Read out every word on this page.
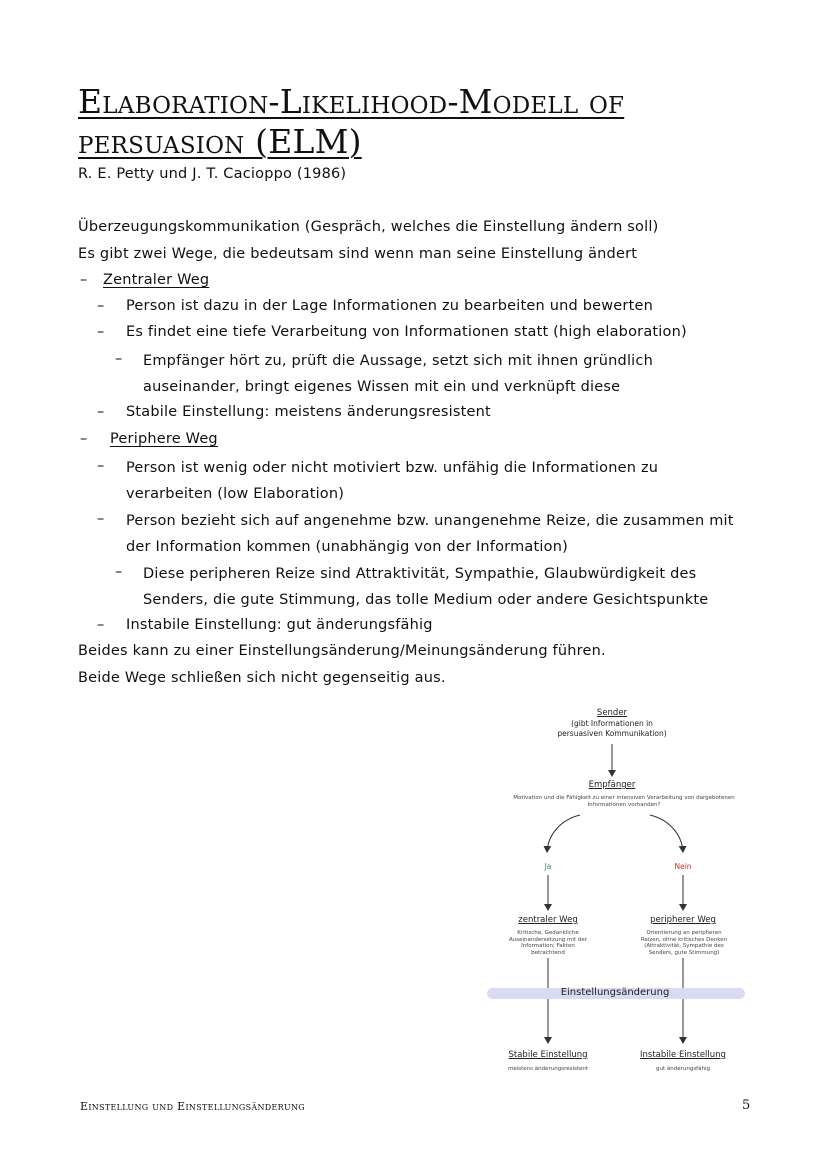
Elaboration-Likelihood-Modell of persuasion (ELM)
R. E. Petty und J. T. Cacioppo (1986)
Überzeugungskommunikation (Gespräch, welches die Einstellung ändern soll)
Es gibt zwei Wege, die bedeutsam sind wenn man seine Einstellung ändert
– Zentraler Weg
– Person ist dazu in der Lage Informationen zu bearbeiten und bewerten
– Es findet eine tiefe Verarbeitung von Informationen statt (high elaboration)
– Empfänger hört zu, prüft die Aussage, setzt sich mit ihnen gründlich auseinander, bringt eigenes Wissen mit ein und verknüpft diese
– Stabile Einstellung: meistens änderungsresistent
– Periphere Weg
– Person ist wenig oder nicht motiviert bzw. unfähig die Informationen zu verarbeiten (low Elaboration)
– Person bezieht sich auf angenehme bzw. unangenehme Reize, die zusammen mit der Information kommen (unabhängig von der Information)
– Diese peripheren Reize sind Attraktivität, Sympathie, Glaubwürdigkeit des Senders, die gute Stimmung, das tolle Medium oder andere Gesichtspunkte
– Instabile Einstellung: gut änderungsfähig
Beides kann zu einer Einstellungsänderung/Meinungsänderung führen.
Beide Wege schließen sich nicht gegenseitig aus.
Sender
(gibt Informationen in persuasiven Kommunikation)
Empfänger
Motivation und die Fähigkeit zu einer intensiven Verarbeitung von dargebotenen Informationen vorhanden?
Ja	Nein
zentraler Weg
Kritische, Gedankliche Auseinandersetzung mit der Information; Fakten betrachtend
peripherer Weg
Orientierung an peripheren Reizen, ohne kritisches Denken (Attraktivität, Sympathie des Senders, gute Stimmung)
Einstellungsänderung
Stabile Einstellung
meistens änderungsresistent
Instabile Einstellung
gut änderungsfähig
Einstellung und Einstellungsänderung	5
